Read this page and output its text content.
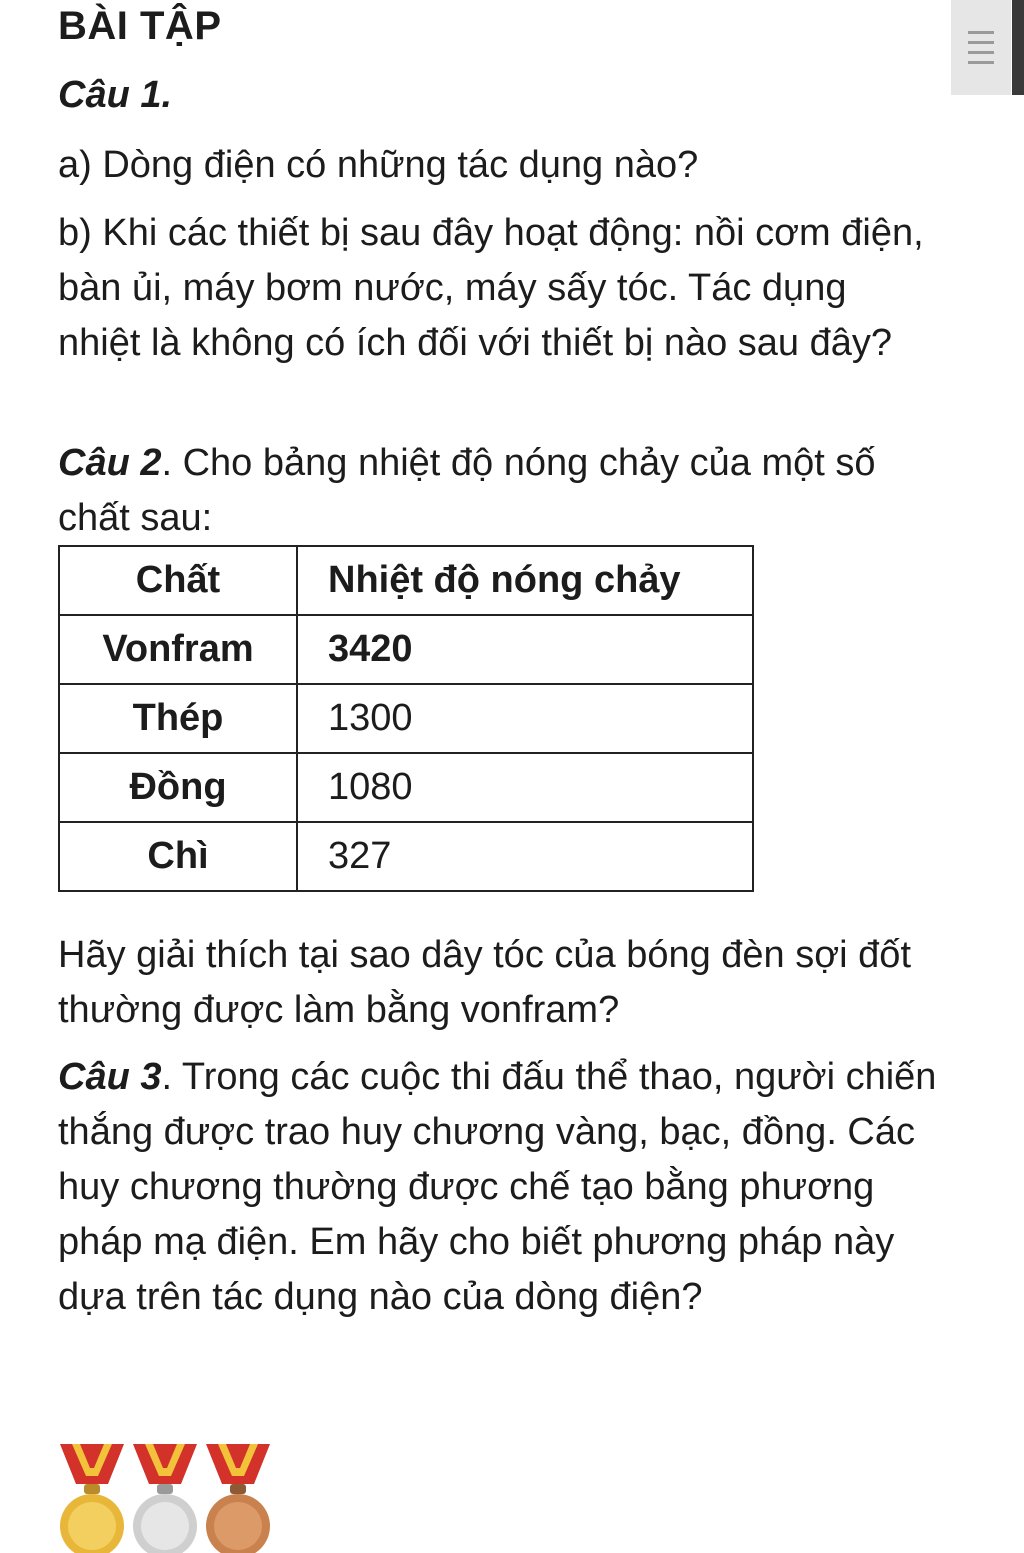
BÀI TẬP

Câu 1.

a) Dòng điện có những tác dụng nào?

b) Khi các thiết bị sau đây hoạt động: nồi cơm điện, bàn ủi, máy bơm nước, máy sấy tóc. Tác dụng nhiệt là không có ích đối với thiết bị nào sau đây?

Câu 2. Cho bảng nhiệt độ nóng chảy của một số chất sau:

Chất	Nhiệt độ nóng chảy
Vonfram	3420
Thép	1300
Đồng	1080
Chì	327

Hãy giải thích tại sao dây tóc của bóng đèn sợi đốt thường được làm bằng vonfram?

Câu 3. Trong các cuộc thi đấu thể thao, người chiến thắng được trao huy chương vàng, bạc, đồng. Các huy chương thường được chế tạo bằng phương pháp mạ điện. Em hãy cho biết phương pháp này dựa trên tác dụng nào của dòng điện?
